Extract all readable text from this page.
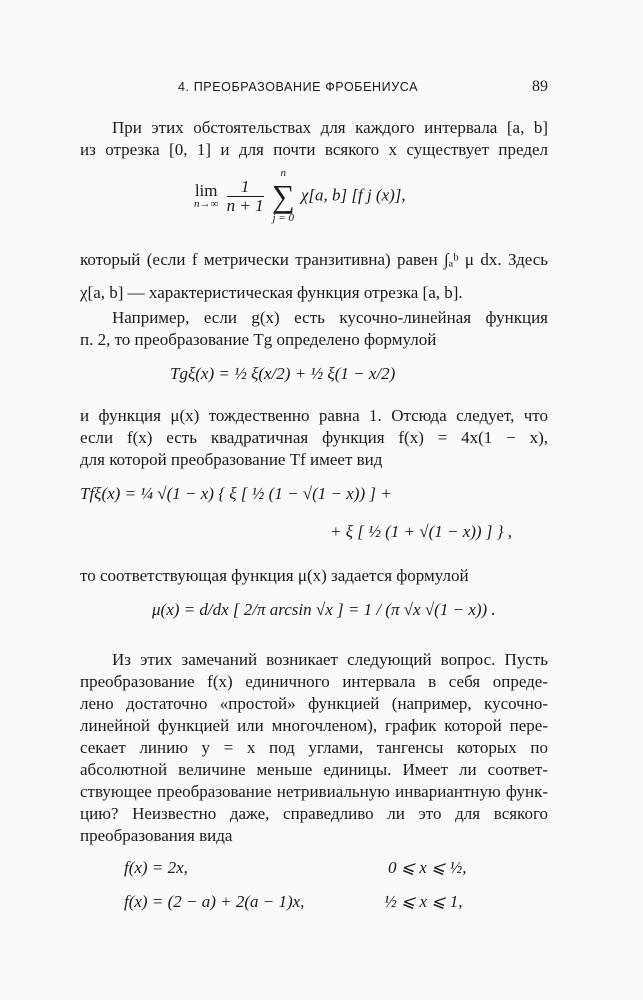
4. ПРЕОБРАЗОВАНИЕ ФРОБЕНИУСА	89
При этих обстоятельствах для каждого интервала [a, b]
из отрезка [0, 1] и для почти всякого x существует предел
lim
n→∞
$\frac{1}{n + 1}$

n
∑
j = 0
χ[a, b] [f j (x)],
который (если f метрически транзитивна) равен ∫ₐᵇ μ dx. Здесь
χ[a, b] — характеристическая функция отрезка [a, b].
Например, если g(x) есть кусочно-линейная функция
п. 2, то преобразование Tg определено формулой
Tgξ(x) = ½ ξ(x/2) + ½ ξ(1 − x/2)
и функция μ(x) тождественно равна 1. Отсюда следует, что
если f(x) есть квадратичная функция f(x) = 4x(1 − x),
для которой преобразование Tf имеет вид
Tfξ(x) = ¼ √(1 − x) { ξ [ ½ (1 − √(1 − x)) ] +
+ ξ [ ½ (1 + √(1 − x)) ] } ,
то соответствующая функция μ(x) задается формулой
μ(x) = d/dx [ 2/π arcsin √x ] = 1 / (π √x √(1 − x)) .
Из этих замечаний возникает следующий вопрос. Пусть
преобразование f(x) единичного интервала в себя опреде-
лено достаточно «простой» функцией (например, кусочно-
линейной функцией или многочленом), график которой пере-
секает линию y = x под углами, тангенсы которых по
абсолютной величине меньше единицы. Имеет ли соответ-
ствующее преобразование нетривиальную инвариантную функ-
цию? Неизвестно даже, справедливо ли это для всякого
преобразования вида
f(x) = 2x,	0 ⩽ x ⩽ ½,
f(x) = (2 − a) + 2(a − 1)x,	½ ⩽ x ⩽ 1,
